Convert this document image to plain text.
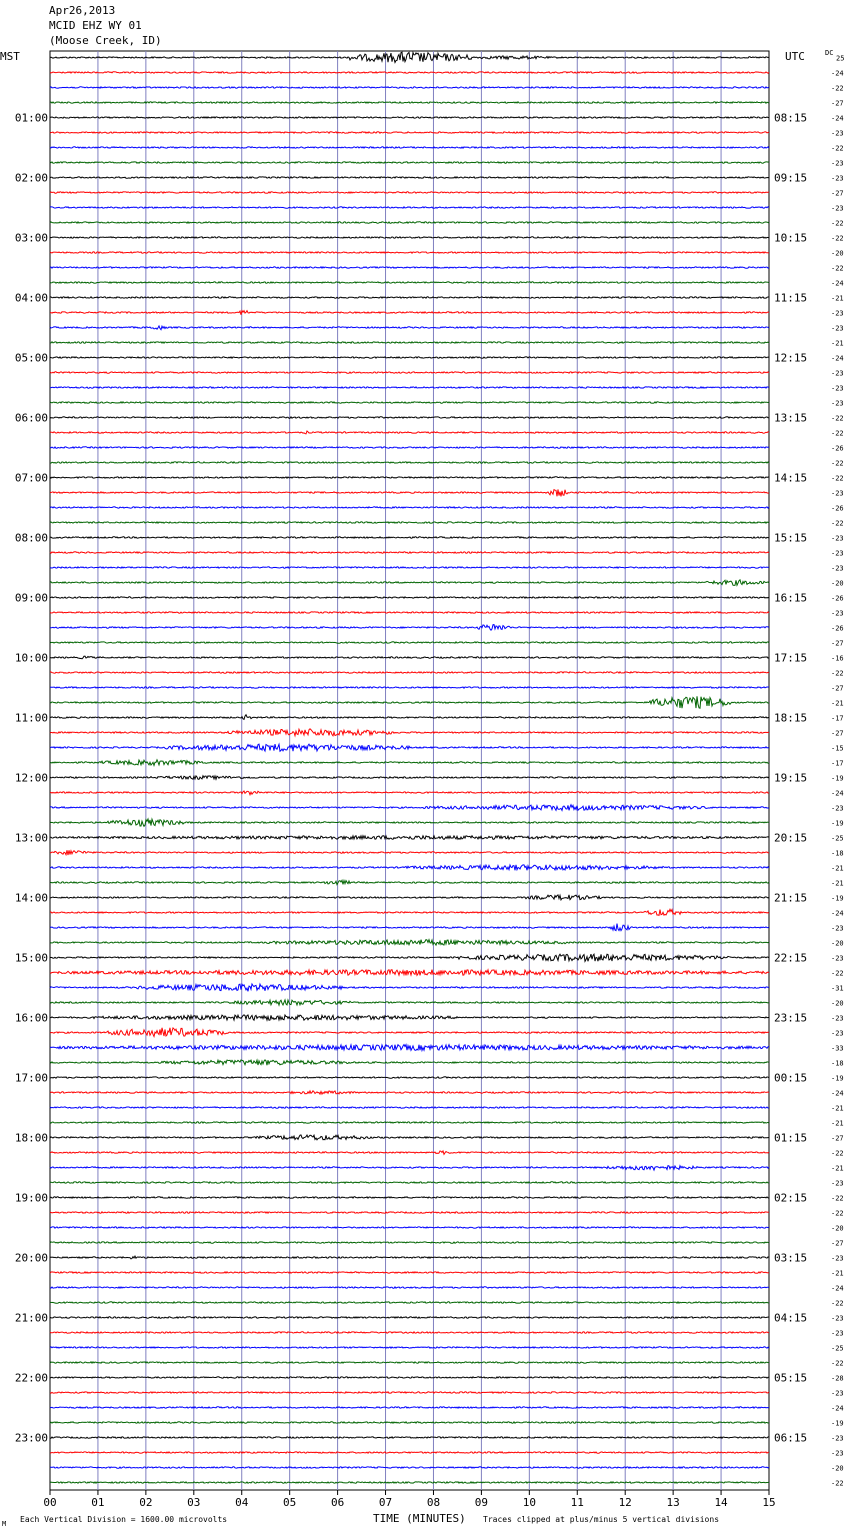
Apr26,2013
MCID EHZ WY 01
(Moose Creek, ID)
MST	UTC	DC
00	01	02	03	04	05	06	07	08	09	10	11	12	13	14	15
25
-24
-22
-27
-24
-23
-22
-23
-23
-27
-23
-22
-22
-20
-22
-24
-21
-23
-23
-21
-24
-23
-23
-23
-22
-22
-26
-22
-22
-23
-26
-22
-23
-23
-23
-20
-26
-23
-26
-27
-16
-22
-27
-21
-17
-27
-15
-17
-19
-24
-23
-19
-25
-18
-21
-21
-19
-24
-23
-20
-23
-22
-31
-20
-23
-23
-33
-18
-19
-24
-21
-21
-27
-22
-21
-23
-22
-22
-20
-27
-23
-21
-24
-22
-23
-23
-25
-22
-28
-23
-24
-19
-23
-23
-20
-22
01:00
02:00
03:00
04:00
05:00
06:00
07:00
08:00
09:00
10:00
11:00
12:00
13:00
14:00
15:00
16:00
17:00
18:00
19:00
20:00
21:00
22:00
23:00
08:15
09:15
10:15
11:15
12:15
13:15
14:15
15:15
16:15
17:15
18:15
19:15
20:15
21:15
22:15
23:15
00:15
01:15
02:15
03:15
04:15
05:15
06:15
M Each Vertical Division = 1600.00 microvolts	TIME (MINUTES) Traces clipped at plus/minus 5 vertical divisions
